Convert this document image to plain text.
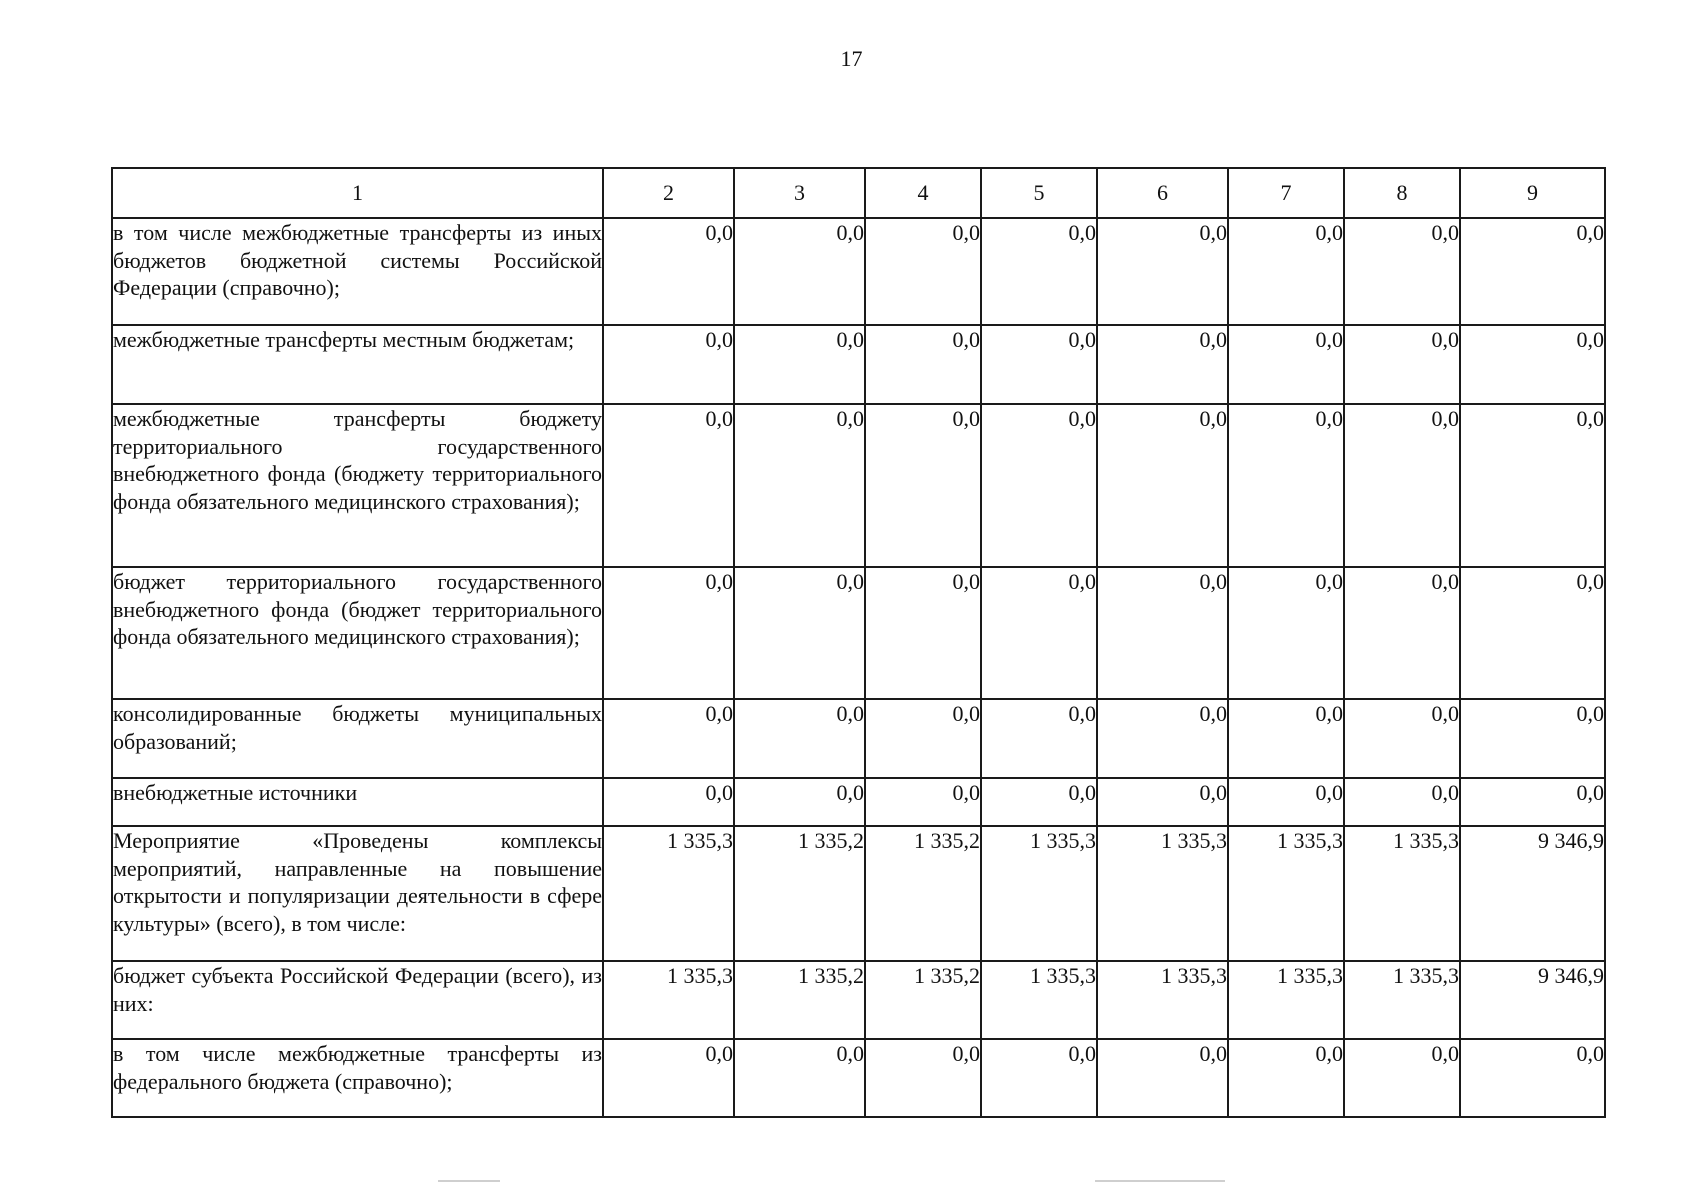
17
1	2	3	4	5	6	7	8	9
в том числе межбюджетные трансферты из иных бюджетов бюджетной системы Российской Федерации (справочно);	0,0	0,0	0,0	0,0	0,0	0,0	0,0	0,0
межбюджетные трансферты местным бюджетам;	0,0	0,0	0,0	0,0	0,0	0,0	0,0	0,0
межбюджетные трансферты бюджету территориального государственного внебюджетного фонда (бюджету территориального фонда обязательного медицинского страхования);	0,0	0,0	0,0	0,0	0,0	0,0	0,0	0,0
бюджет территориального государственного внебюджетного фонда (бюджет территориального фонда обязательного медицинского страхования);	0,0	0,0	0,0	0,0	0,0	0,0	0,0	0,0
консолидированные бюджеты муниципальных образований;	0,0	0,0	0,0	0,0	0,0	0,0	0,0	0,0
внебюджетные источники	0,0	0,0	0,0	0,0	0,0	0,0	0,0	0,0
Мероприятие «Проведены комплексы мероприятий, направленные на повышение открытости и популяризации деятельности в сфере культуры» (всего), в том числе:	1 335,3	1 335,2	1 335,2	1 335,3	1 335,3	1 335,3	1 335,3	9 346,9
бюджет субъекта Российской Федерации (всего), из них:	1 335,3	1 335,2	1 335,2	1 335,3	1 335,3	1 335,3	1 335,3	9 346,9
в том числе межбюджетные трансферты из федерального бюджета (справочно);	0,0	0,0	0,0	0,0	0,0	0,0	0,0	0,0
